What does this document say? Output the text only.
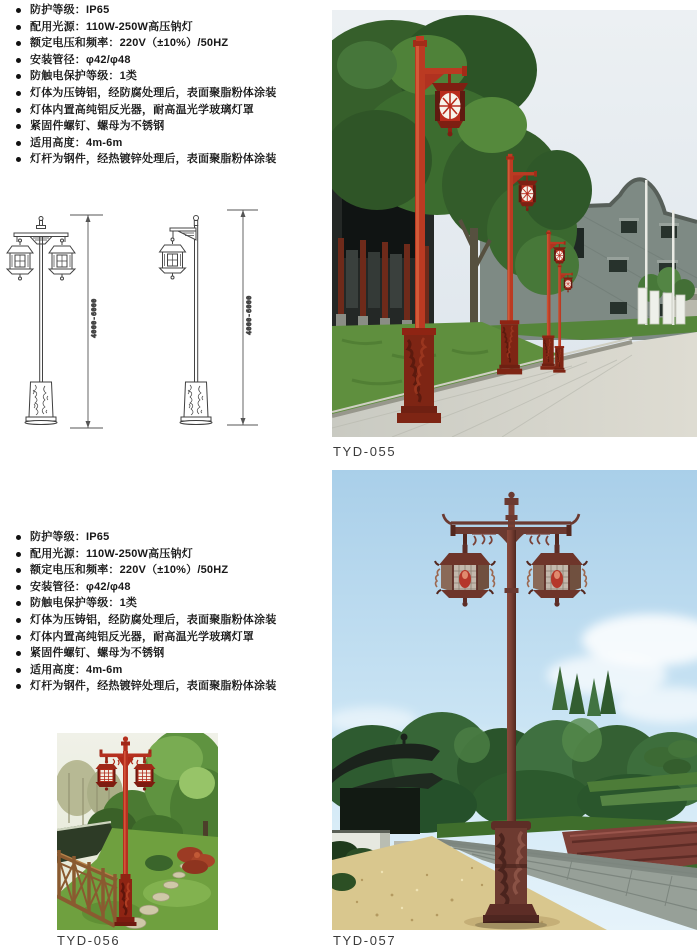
防护等级：IP65
配用光源：110W-250W高压钠灯
额定电压和频率：220V（±10%）/50HZ
安装管径：φ42/φ48
防触电保护等级：1类
灯体为压铸铝，经防腐处理后，表面聚脂粉体涂装
灯体内置高纯铝反光器，耐高温光学玻璃灯罩
紧固件螺钉、螺母为不锈钢
适用高度：4m-6m
灯杆为钢件，经热镀锌处理后，表面聚脂粉体涂装
TYD-055
4000-6000	4000-6000
防护等级：IP65
配用光源：110W-250W高压钠灯
额定电压和频率：220V（±10%）/50HZ
安装管径：φ42/φ48
防触电保护等级：1类
灯体为压铸铝，经防腐处理后，表面聚脂粉体涂装
灯体内置高纯铝反光器，耐高温光学玻璃灯罩
紧固件螺钉、螺母为不锈钢
适用高度：4m-6m
灯杆为钢件，经热镀锌处理后，表面聚脂粉体涂装
TYD-056	TYD-057
